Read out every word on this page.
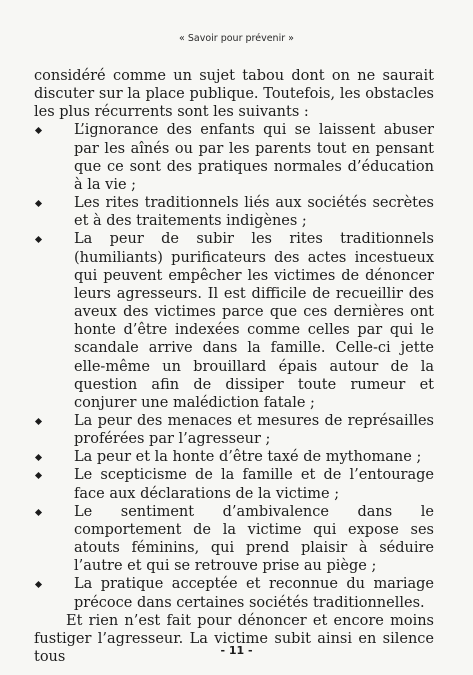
« Savoir pour prévenir »

considéré comme un sujet tabou dont on ne saurait discuter sur la place publique. Toutefois, les obstacles les plus récurrents sont les suivants :

L’ignorance des enfants qui se laissent abuser par les aînés ou par les parents tout en pensant que ce sont des pratiques normales d’éducation à la vie ;
Les rites traditionnels liés aux sociétés secrètes et à des traitements indigènes ;
La peur de subir les rites traditionnels (humiliants) purificateurs des actes incestueux qui peuvent empêcher les victimes de dénoncer leurs agresseurs. Il est difficile de recueillir des aveux des victimes parce que ces dernières ont honte d’être indexées comme celles par qui le scandale arrive dans la famille. Celle-ci jette elle-même un brouillard épais autour de la question afin de dissiper toute rumeur et conjurer une malédiction fatale ;
La peur des menaces et mesures de représailles proférées par l’agresseur ;
La peur et la honte d’être taxé de mythomane ;
Le scepticisme de la famille et de l’entourage face aux déclarations de la victime ;
Le sentiment d’ambivalence dans le comportement de la victime qui expose ses atouts féminins, qui prend plaisir à séduire l’autre et qui se retrouve prise au piège ;
La pratique acceptée et reconnue du mariage précoce dans certaines sociétés traditionnelles.

Et rien n’est fait pour dénoncer et encore moins fustiger l’agresseur. La victime subit ainsi en silence tous	- 11 -
